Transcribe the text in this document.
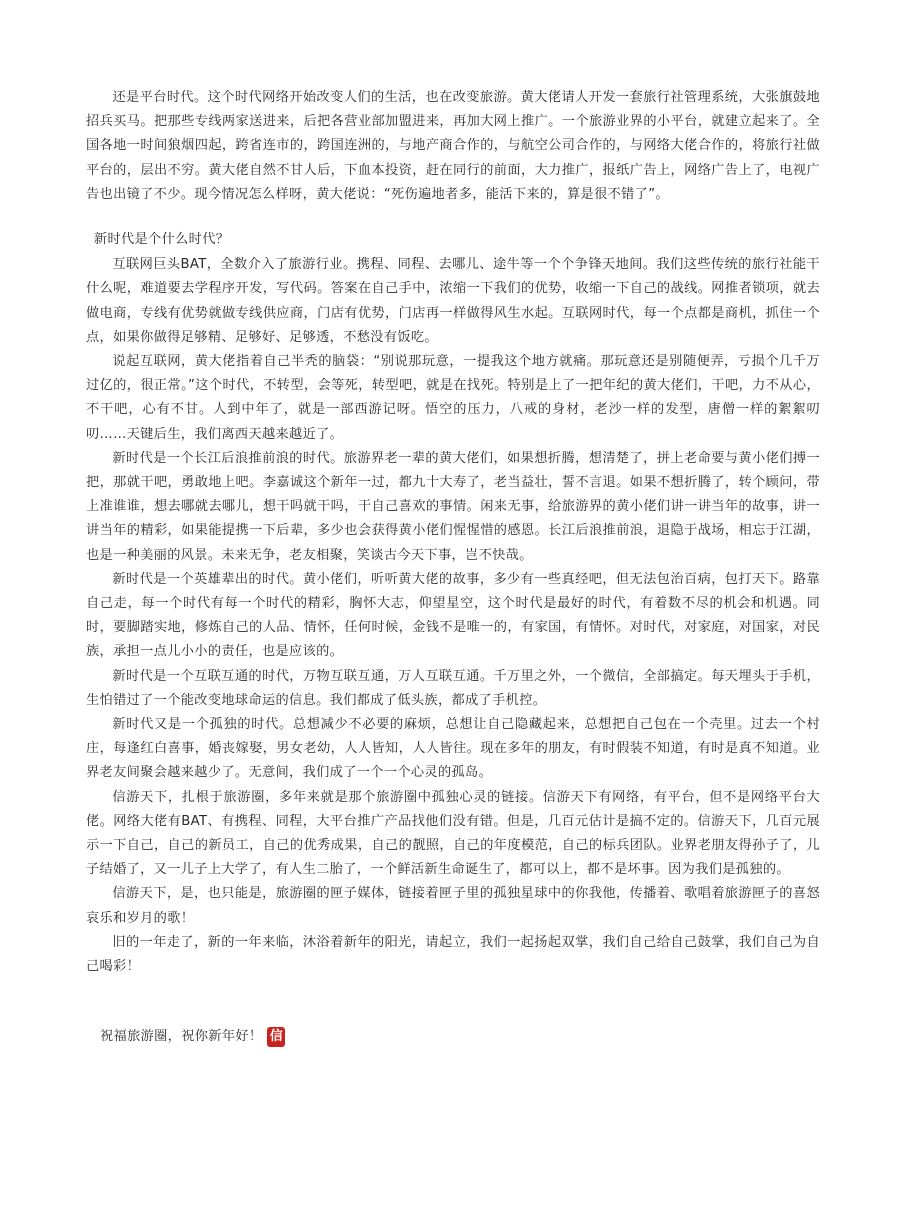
还是平台时代。这个时代网络开始改变人们的生活，也在改变旅游。黄大佬请人开发一套旅行社管理系统，大张旗鼓地招兵买马。把那些专线两家送进来，后把各营业部加盟进来，再加大网上推广。一个旅游业界的小平台，就建立起来了。全国各地一时间狼烟四起，跨省连市的，跨国连洲的，与地产商合作的，与航空公司合作的，与网络大佬合作的，将旅行社做平台的，层出不穷。黄大佬自然不甘人后，下血本投资，赶在同行的前面，大力推广，报纸广告上，网络广告上了，电视广告也出镜了不少。现今情况怎么样呀，黄大佬说：“死伤遍地者多，能活下来的，算是很不错了”。

新时代是个什么时代？

互联网巨头BAT，全数介入了旅游行业。携程、同程、去哪儿、途牛等一个个争锋天地间。我们这些传统的旅行社能干什么呢，难道要去学程序开发，写代码。答案在自己手中，浓缩一下我们的优势，收缩一下自己的战线。网推者锁项，就去做电商，专线有优势就做专线供应商，门店有优势，门店再一样做得风生水起。互联网时代，每一个点都是商机，抓住一个点，如果你做得足够精、足够好、足够透，不愁没有饭吃。

说起互联网，黄大佬指着自己半秃的脑袋：“别说那玩意，一提我这个地方就痛。那玩意还是别随便弄，亏损个几千万过亿的，很正常。”这个时代，不转型，会等死，转型吧，就是在找死。特别是上了一把年纪的黄大佬们，干吧，力不从心，不干吧，心有不甘。人到中年了，就是一部西游记呀。悟空的压力，八戒的身材，老沙一样的发型，唐僧一样的絮絮叨叨……天键后生，我们离西天越来越近了。

新时代是一个长江后浪推前浪的时代。旅游界老一辈的黄大佬们，如果想折腾，想清楚了，拼上老命要与黄小佬们搏一把，那就干吧，勇敢地上吧。李嘉诚这个新年一过，都九十大寿了，老当益壮，誓不言退。如果不想折腾了，转个顾问，带上准谁谁，想去哪就去哪儿，想干吗就干吗，干自己喜欢的事情。闲来无事，给旅游界的黄小佬们讲一讲当年的故事，讲一讲当年的精彩，如果能提携一下后辈，多少也会获得黄小佬们惺惺惜的感恩。长江后浪推前浪，退隐于战场，相忘于江湖，也是一种美丽的风景。未来无争，老友相聚，笑谈古今天下事，岂不快哉。

新时代是一个英雄辈出的时代。黄小佬们，听听黄大佬的故事，多少有一些真经吧，但无法包治百病，包打天下。路靠自己走，每一个时代有每一个时代的精彩，胸怀大志，仰望星空，这个时代是最好的时代，有着数不尽的机会和机遇。同时，要脚踏实地，修炼自己的人品、情怀，任何时候，金钱不是唯一的，有家国，有情怀。对时代，对家庭，对国家，对民族，承担一点儿小小的责任，也是应该的。

新时代是一个互联互通的时代，万物互联互通，万人互联互通。千万里之外，一个微信，全部搞定。每天埋头于手机，生怕错过了一个能改变地球命运的信息。我们都成了低头族，都成了手机控。

新时代又是一个孤独的时代。总想减少不必要的麻烦，总想让自己隐藏起来，总想把自己包在一个壳里。过去一个村庄，每逢红白喜事，婚丧嫁娶，男女老幼，人人皆知，人人皆往。现在多年的朋友，有时假装不知道，有时是真不知道。业界老友间聚会越来越少了。无意间，我们成了一个一个心灵的孤岛。

信游天下，扎根于旅游圈，多年来就是那个旅游圈中孤独心灵的链接。信游天下有网络，有平台，但不是网络平台大佬。网络大佬有BAT、有携程、同程，大平台推广产品找他们没有错。但是，几百元估计是搞不定的。信游天下，几百元展示一下自己，自己的新员工，自己的优秀成果，自己的靓照，自己的年度模范，自己的标兵团队。业界老朋友得孙子了，儿子结婚了，又一儿子上大学了，有人生二胎了，一个鲜活新生命诞生了，都可以上，都不是坏事。因为我们是孤独的。

信游天下，是，也只能是，旅游圈的匣子媒体，链接着匣子里的孤独星球中的你我他，传播着、歌唱着旅游匣子的喜怒哀乐和岁月的歌！

旧的一年走了，新的一年来临，沐浴着新年的阳光，请起立，我们一起扬起双掌，我们自己给自己鼓掌，我们自己为自己喝彩！

祝福旅游圈，祝你新年好！ 信
